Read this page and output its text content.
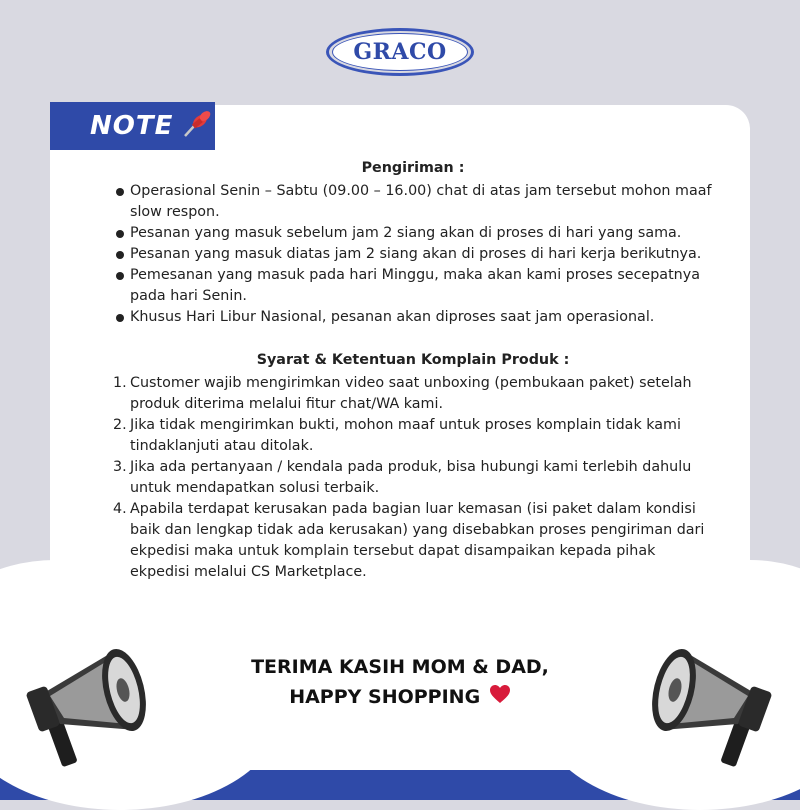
GRACO
NOTE
Pengiriman :
Operasional Senin – Sabtu (09.00 – 16.00) chat di atas jam tersebut mohon maaf slow respon.
Pesanan yang masuk sebelum jam 2 siang akan di proses di hari yang sama.
Pesanan yang masuk diatas jam 2 siang akan di proses di hari kerja berikutnya.
Pemesanan yang masuk pada hari Minggu, maka akan kami proses secepatnya pada hari Senin.
Khusus Hari Libur Nasional, pesanan akan diproses saat jam operasional.
Syarat & Ketentuan Komplain Produk :
1. Customer wajib mengirimkan video saat unboxing (pembukaan paket) setelah produk diterima melalui fitur chat/WA kami.
2. Jika tidak mengirimkan bukti, mohon maaf untuk proses komplain tidak kami tindaklanjuti atau ditolak.
3. Jika ada pertanyaan / kendala pada produk, bisa hubungi kami terlebih dahulu untuk mendapatkan solusi terbaik.
4. Apabila terdapat kerusakan pada bagian luar kemasan (isi paket dalam kondisi baik dan lengkap tidak ada kerusakan) yang disebabkan proses pengiriman dari ekpedisi maka untuk komplain tersebut dapat disampaikan kepada pihak ekpedisi melalui CS Marketplace.
TERIMA KASIH MOM & DAD,
HAPPY SHOPPING
